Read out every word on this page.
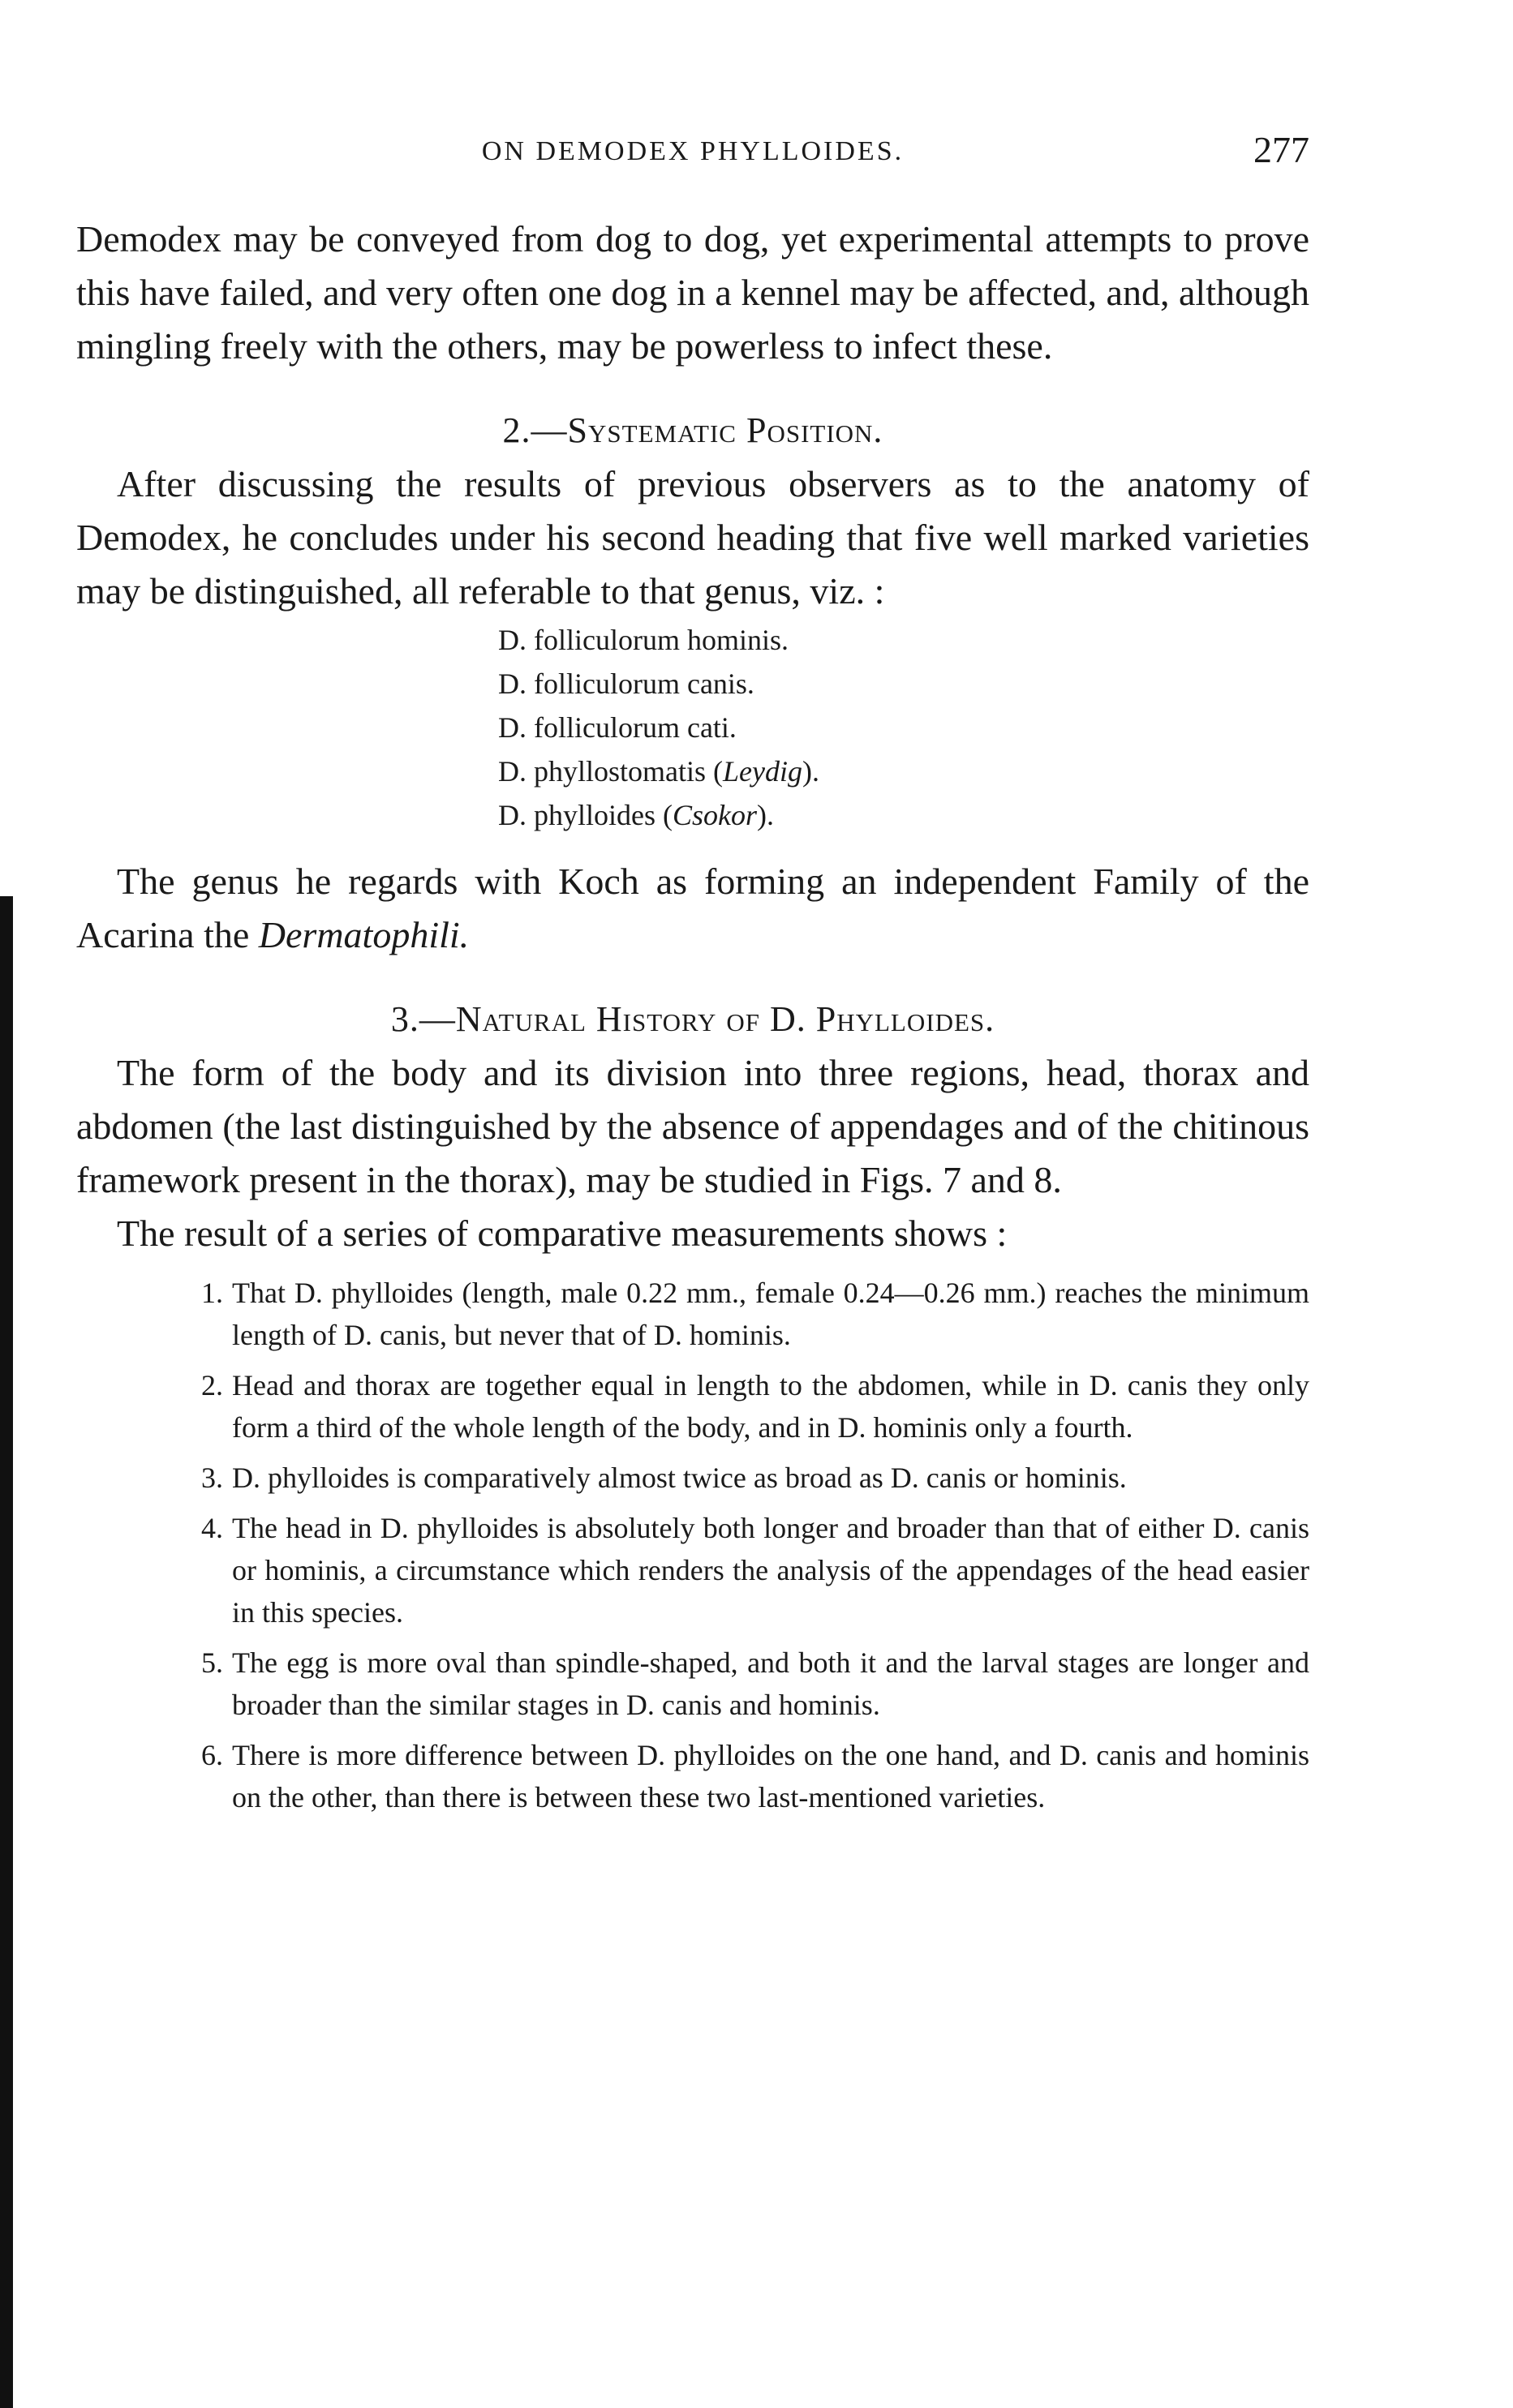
ON DEMODEX PHYLLOIDES.	277

Demodex may be conveyed from dog to dog, yet experimental attempts to prove this have failed, and very often one dog in a kennel may be affected, and, although mingling freely with the others, may be powerless to infect these.

2.—Systematic Position.

After discussing the results of previous observers as to the anatomy of Demodex, he concludes under his second heading that five well marked varieties may be distinguished, all referable to that genus, viz. :

D. folliculorum hominis.
D. folliculorum canis.
D. folliculorum cati.
D. phyllostomatis (Leydig).
D. phylloides (Csokor).

The genus he regards with Koch as forming an independent Family of the Acarina the Dermatophili.

3.—Natural History of D. Phylloides.

The form of the body and its division into three regions, head, thorax and abdomen (the last distinguished by the absence of appendages and of the chitinous framework present in the thorax), may be studied in Figs. 7 and 8.

The result of a series of comparative measurements shows :

1. That D. phylloides (length, male 0.22 mm., female 0.24—0.26 mm.) reaches the minimum length of D. canis, but never that of D. hominis.
2. Head and thorax are together equal in length to the abdomen, while in D. canis they only form a third of the whole length of the body, and in D. hominis only a fourth.
3. D. phylloides is comparatively almost twice as broad as D. canis or hominis.
4. The head in D. phylloides is absolutely both longer and broader than that of either D. canis or hominis, a circumstance which renders the analysis of the appendages of the head easier in this species.
5. The egg is more oval than spindle-shaped, and both it and the larval stages are longer and broader than the similar stages in D. canis and hominis.
6. There is more difference between D. phylloides on the one hand, and D. canis and hominis on the other, than there is between these two last-mentioned varieties.
